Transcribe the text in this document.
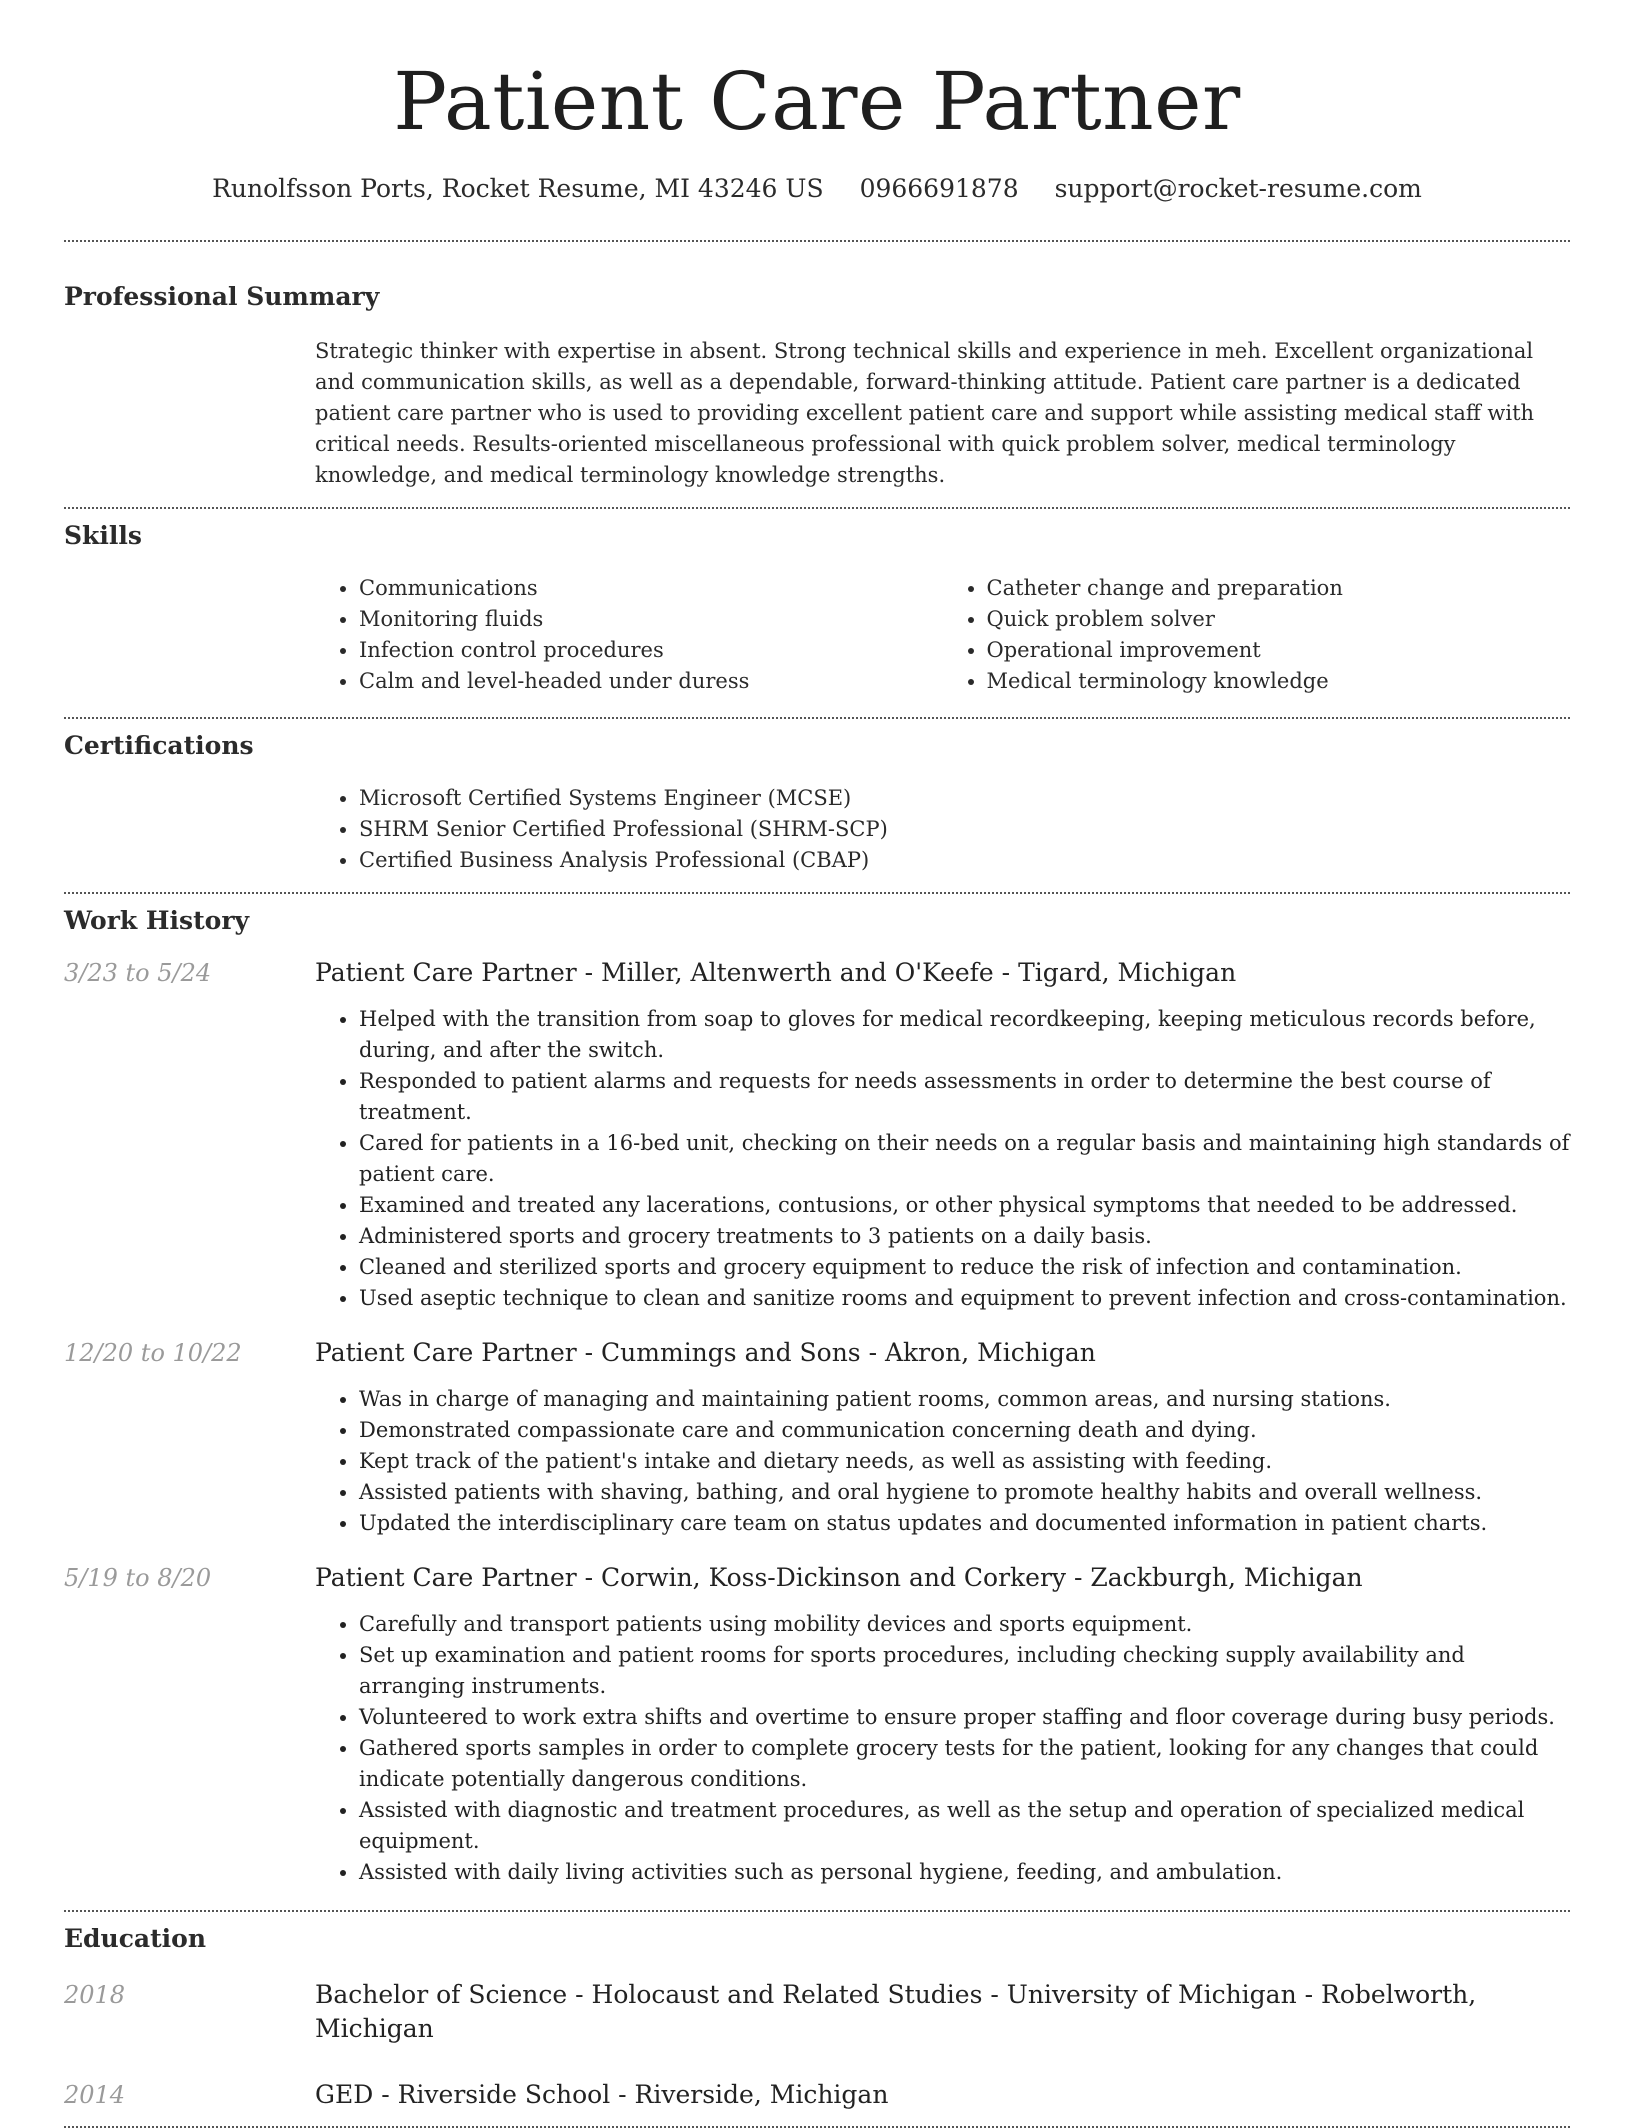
Patient Care Partner
Runolfsson Ports, Rocket Resume, MI 43246 US 0966691878 support@rocket-resume.com
Professional Summary
Strategic thinker with expertise in absent. Strong technical skills and experience in meh. Excellent organizational and communication skills, as well as a dependable, forward-thinking attitude. Patient care partner is a dedicated patient care partner who is used to providing excellent patient care and support while assisting medical staff with critical needs. Results-oriented miscellaneous professional with quick problem solver, medical terminology knowledge, and medical terminology knowledge strengths.
Skills
• Communications
• Monitoring fluids
• Infection control procedures
• Calm and level-headed under duress
• Catheter change and preparation
• Quick problem solver
• Operational improvement
• Medical terminology knowledge
Certifications
• Microsoft Certified Systems Engineer (MCSE)
• SHRM Senior Certified Professional (SHRM-SCP)
• Certified Business Analysis Professional (CBAP)
Work History
3/23 to 5/24	Patient Care Partner - Miller, Altenwerth and O'Keefe - Tigard, Michigan
• Helped with the transition from soap to gloves for medical recordkeeping, keeping meticulous records before, during, and after the switch.
• Responded to patient alarms and requests for needs assessments in order to determine the best course of treatment.
• Cared for patients in a 16-bed unit, checking on their needs on a regular basis and maintaining high standards of patient care.
• Examined and treated any lacerations, contusions, or other physical symptoms that needed to be addressed.
• Administered sports and grocery treatments to 3 patients on a daily basis.
• Cleaned and sterilized sports and grocery equipment to reduce the risk of infection and contamination.
• Used aseptic technique to clean and sanitize rooms and equipment to prevent infection and cross-contamination.
12/20 to 10/22	Patient Care Partner - Cummings and Sons - Akron, Michigan
• Was in charge of managing and maintaining patient rooms, common areas, and nursing stations.
• Demonstrated compassionate care and communication concerning death and dying.
• Kept track of the patient's intake and dietary needs, as well as assisting with feeding.
• Assisted patients with shaving, bathing, and oral hygiene to promote healthy habits and overall wellness.
• Updated the interdisciplinary care team on status updates and documented information in patient charts.
5/19 to 8/20	Patient Care Partner - Corwin, Koss-Dickinson and Corkery - Zackburgh, Michigan
• Carefully and transport patients using mobility devices and sports equipment.
• Set up examination and patient rooms for sports procedures, including checking supply availability and arranging instruments.
• Volunteered to work extra shifts and overtime to ensure proper staffing and floor coverage during busy periods.
• Gathered sports samples in order to complete grocery tests for the patient, looking for any changes that could indicate potentially dangerous conditions.
• Assisted with diagnostic and treatment procedures, as well as the setup and operation of specialized medical equipment.
• Assisted with daily living activities such as personal hygiene, feeding, and ambulation.
Education
2018	Bachelor of Science - Holocaust and Related Studies - University of Michigan - Robelworth, Michigan
2014	GED - Riverside School - Riverside, Michigan
